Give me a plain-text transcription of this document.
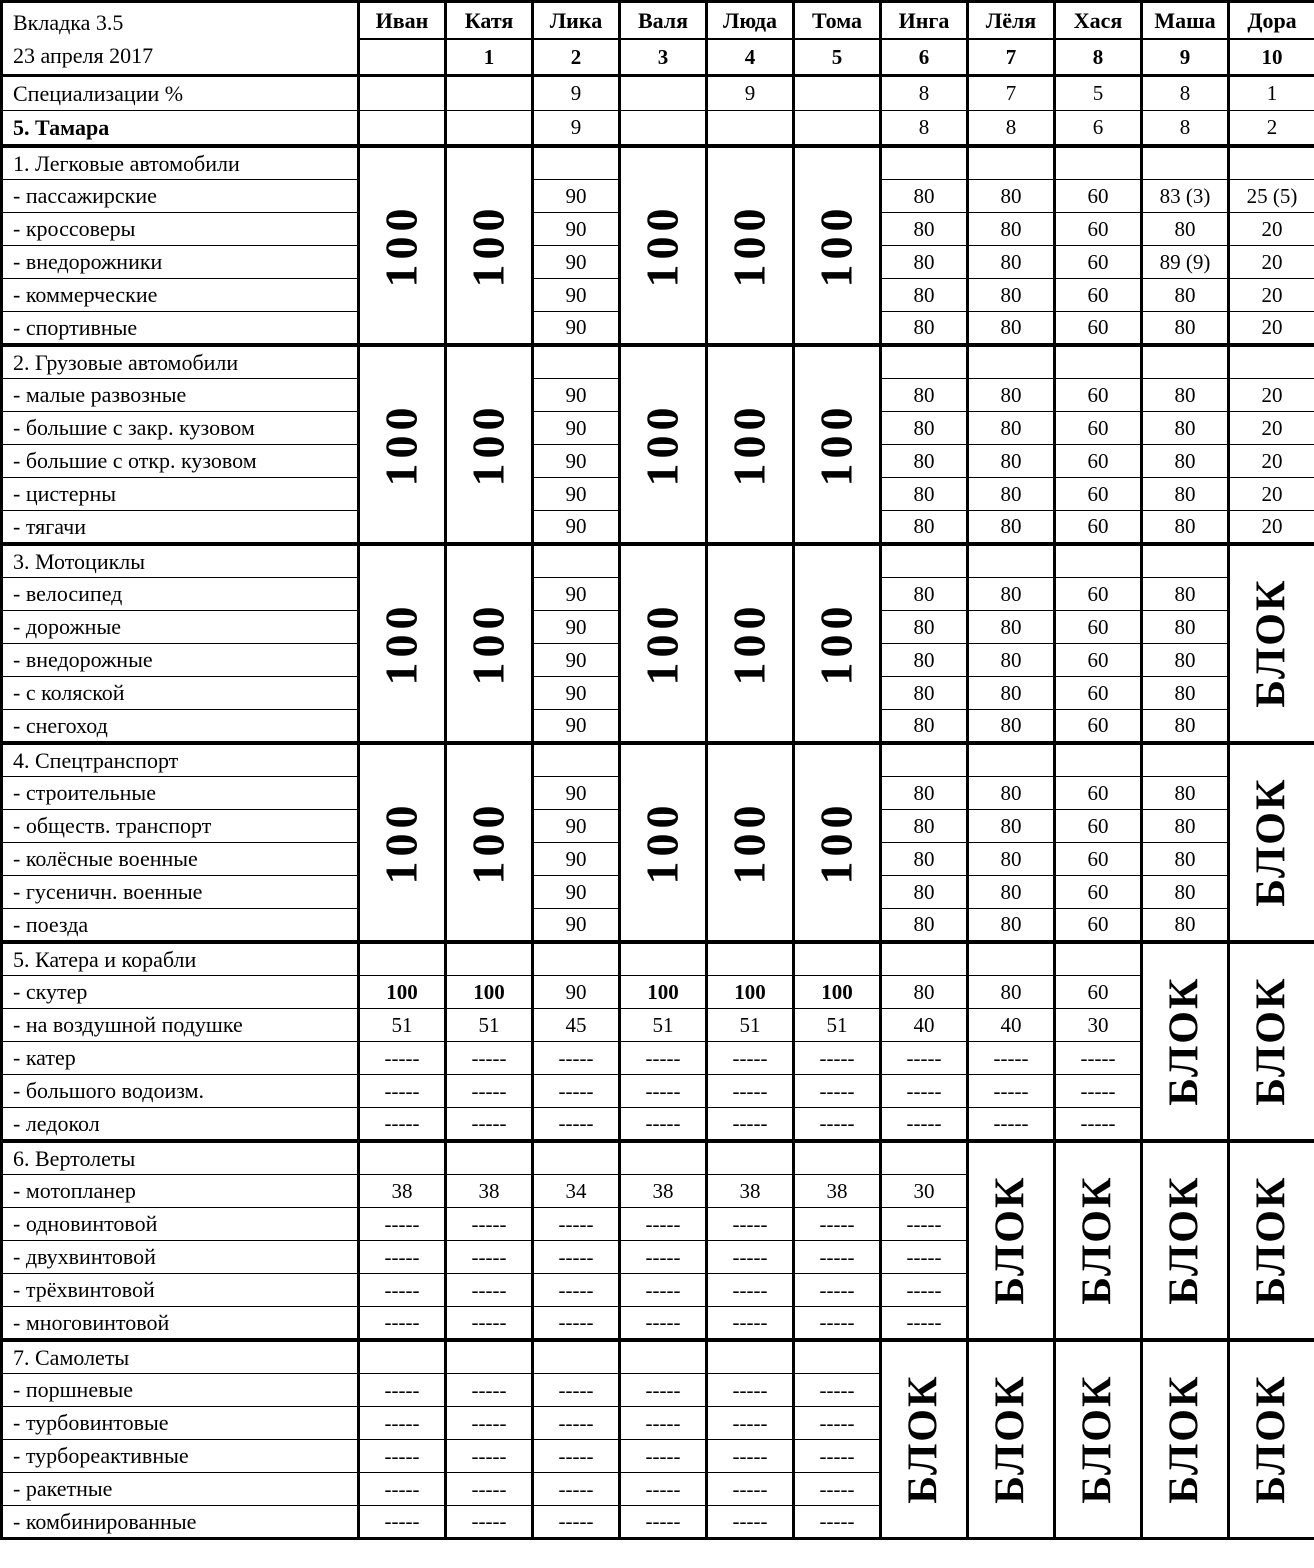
Вкладка 3.5
23 апреля 2017	Иван	Катя	Лика	Валя	Люда	Тома	Инга	Лёля	Хася	Маша	Дора
		1	2	3	4	5	6	7	8	9	10
Специализации %			9		9		8	7	5	8	1
5. Тамара			9				8	8	6	8	2
1. Легковые автомобили	100	100		100	100	100					

- пассажирские			90				80	80	60	83 (3)	25 (5)
- кроссоверы			90				80	80	60	80	20
- внедорожники			90				80	80	60	89 (9)	20
- коммерческие			90				80	80	60	80	20
- спортивные			90				80	80	60	80	20
2. Грузовые автомобили	100	100		100	100	100					

- малые развозные			90				80	80	60	80	20
- большие с закр. кузовом			90				80	80	60	80	20
- большие с откр. кузовом			90				80	80	60	80	20
- цистерны			90				80	80	60	80	20
- тягачи			90				80	80	60	80	20
3. Мотоциклы	100	100		100	100	100					БЛОК

- велосипед			90				80	80	60	80	
- дорожные			90				80	80	60	80	
- внедорожные			90				80	80	60	80	
- с коляской			90				80	80	60	80	
- снегоход			90				80	80	60	80	
4. Спецтранспорт	100	100		100	100	100					БЛОК

- строительные			90				80	80	60	80	
- обществ. транспорт			90				80	80	60	80	
- колёсные военные			90				80	80	60	80	
- гусеничн. военные			90				80	80	60	80	
- поезда			90				80	80	60	80	
5. Катера и корабли										БЛОК	БЛОК

- скутер	100	100	90	100	100	100	80	80	60		
- на воздушной подушке	51	51	45	51	51	51	40	40	30		
- катер	-----	-----	-----	-----	-----	-----	-----	-----	-----		
- большого водоизм.	-----	-----	-----	-----	-----	-----	-----	-----	-----		
- ледокол	-----	-----	-----	-----	-----	-----	-----	-----	-----		
6. Вертолеты								БЛОК	БЛОК	БЛОК	БЛОК

- мотопланер	38	38	34	38	38	38	30				
- одновинтовой	-----	-----	-----	-----	-----	-----	-----				
- двухвинтовой	-----	-----	-----	-----	-----	-----	-----				
- трёхвинтовой	-----	-----	-----	-----	-----	-----	-----				
- многовинтовой	-----	-----	-----	-----	-----	-----	-----				
7. Самолеты							БЛОК	БЛОК	БЛОК	БЛОК	БЛОК

- поршневые	-----	-----	-----	-----	-----	-----					
- турбовинтовые	-----	-----	-----	-----	-----	-----					
- турбореактивные	-----	-----	-----	-----	-----	-----					
- ракетные	-----	-----	-----	-----	-----	-----					
- комбинированные	-----	-----	-----	-----	-----	-----					
